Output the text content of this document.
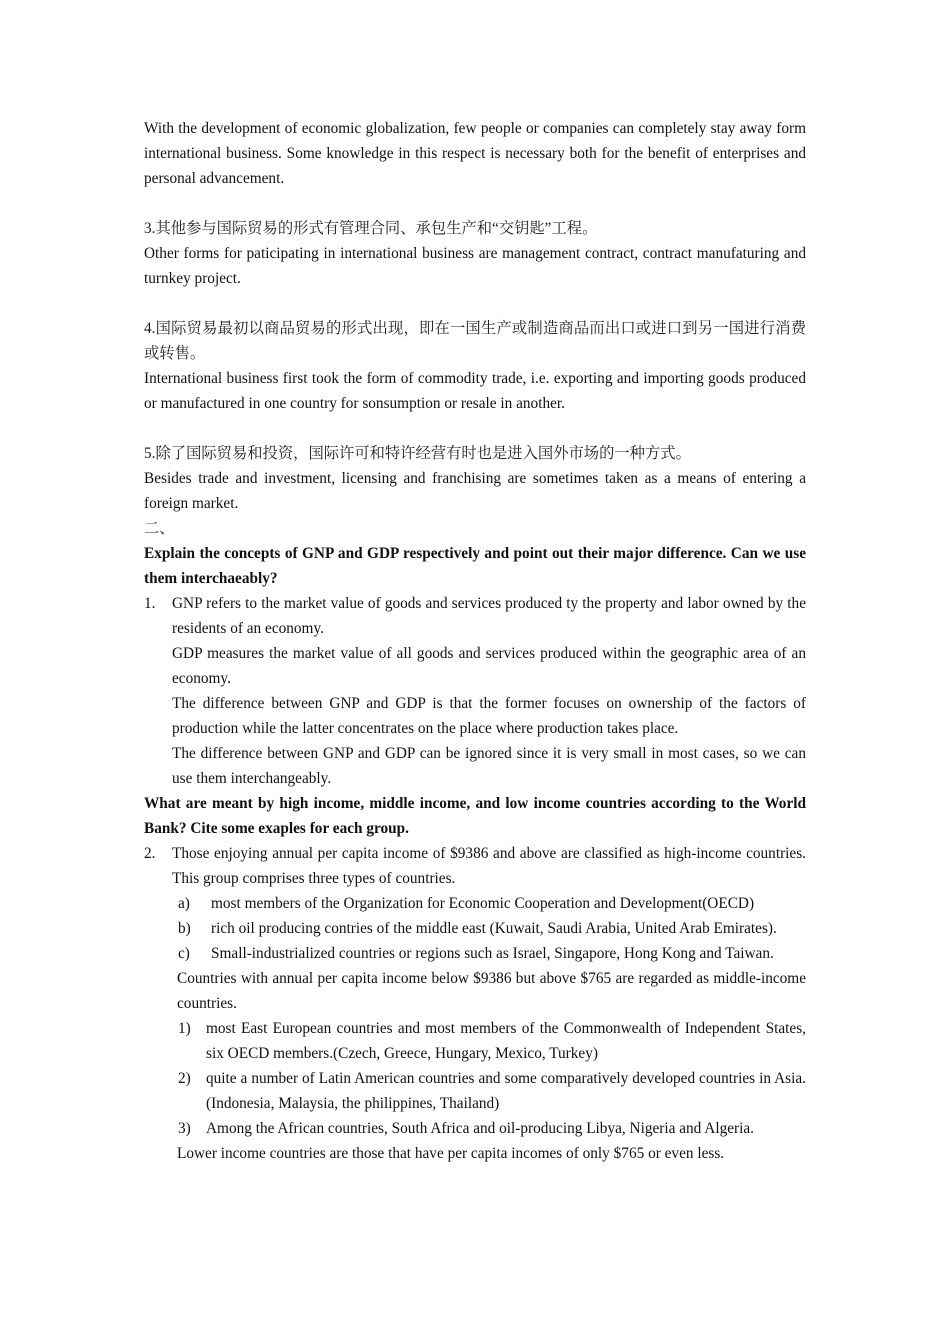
With the development of economic globalization, few people or companies can completely stay away form international business. Some knowledge in this respect is necessary both for the benefit of enterprises and personal advancement.

3.其他参与国际贸易的形式有管理合同、承包生产和“交钥匙”工程。

Other forms for paticipating in international business are management contract, contract manufaturing and turnkey project.

4.国际贸易最初以商品贸易的形式出现，即在一国生产或制造商品而出口或进口到另一国进行消费或转售。

International business first took the form of commodity trade, i.e. exporting and importing goods produced or manufactured in one country for sonsumption or resale in another.

5.除了国际贸易和投资，国际许可和特许经营有时也是进入国外市场的一种方式。

Besides trade and investment, licensing and franchising are sometimes taken as a means of entering a foreign market.

二、

Explain the concepts of GNP and GDP respectively and point out their major difference. Can we use them interchaeably?

1. GNP refers to the market value of goods and services produced ty the property and labor owned by the residents of an economy.

GDP measures the market value of all goods and services produced within the geographic area of an economy.

The difference between GNP and GDP is that the former focuses on ownership of the factors of production while the latter concentrates on the place where production takes place.

The difference between GNP and GDP can be ignored since it is very small in most cases, so we can use them interchangeably.

What are meant by high income, middle income, and low income countries according to the World Bank? Cite some exaples for each group.

2. Those enjoying annual per capita income of $9386 and above are classified as high-income countries. This group comprises three types of countries.

a) most members of the Organization for Economic Cooperation and Development(OECD)

b) rich oil producing contries of the middle east (Kuwait, Saudi Arabia, United Arab Emirates).

c) Small-industrialized countries or regions such as Israel, Singapore, Hong Kong and Taiwan.

Countries with annual per capita income below $9386 but above $765 are regarded as middle-income countries.

1) most East European countries and most members of the Commonwealth of Independent States, six OECD members.(Czech, Greece, Hungary, Mexico, Turkey)

2) quite a number of Latin American countries and some comparatively developed countries in Asia.(Indonesia, Malaysia, the philippines, Thailand)

3) Among the African countries, South Africa and oil-producing Libya, Nigeria and Algeria.

Lower income countries are those that have per capita incomes of only $765 or even less.
